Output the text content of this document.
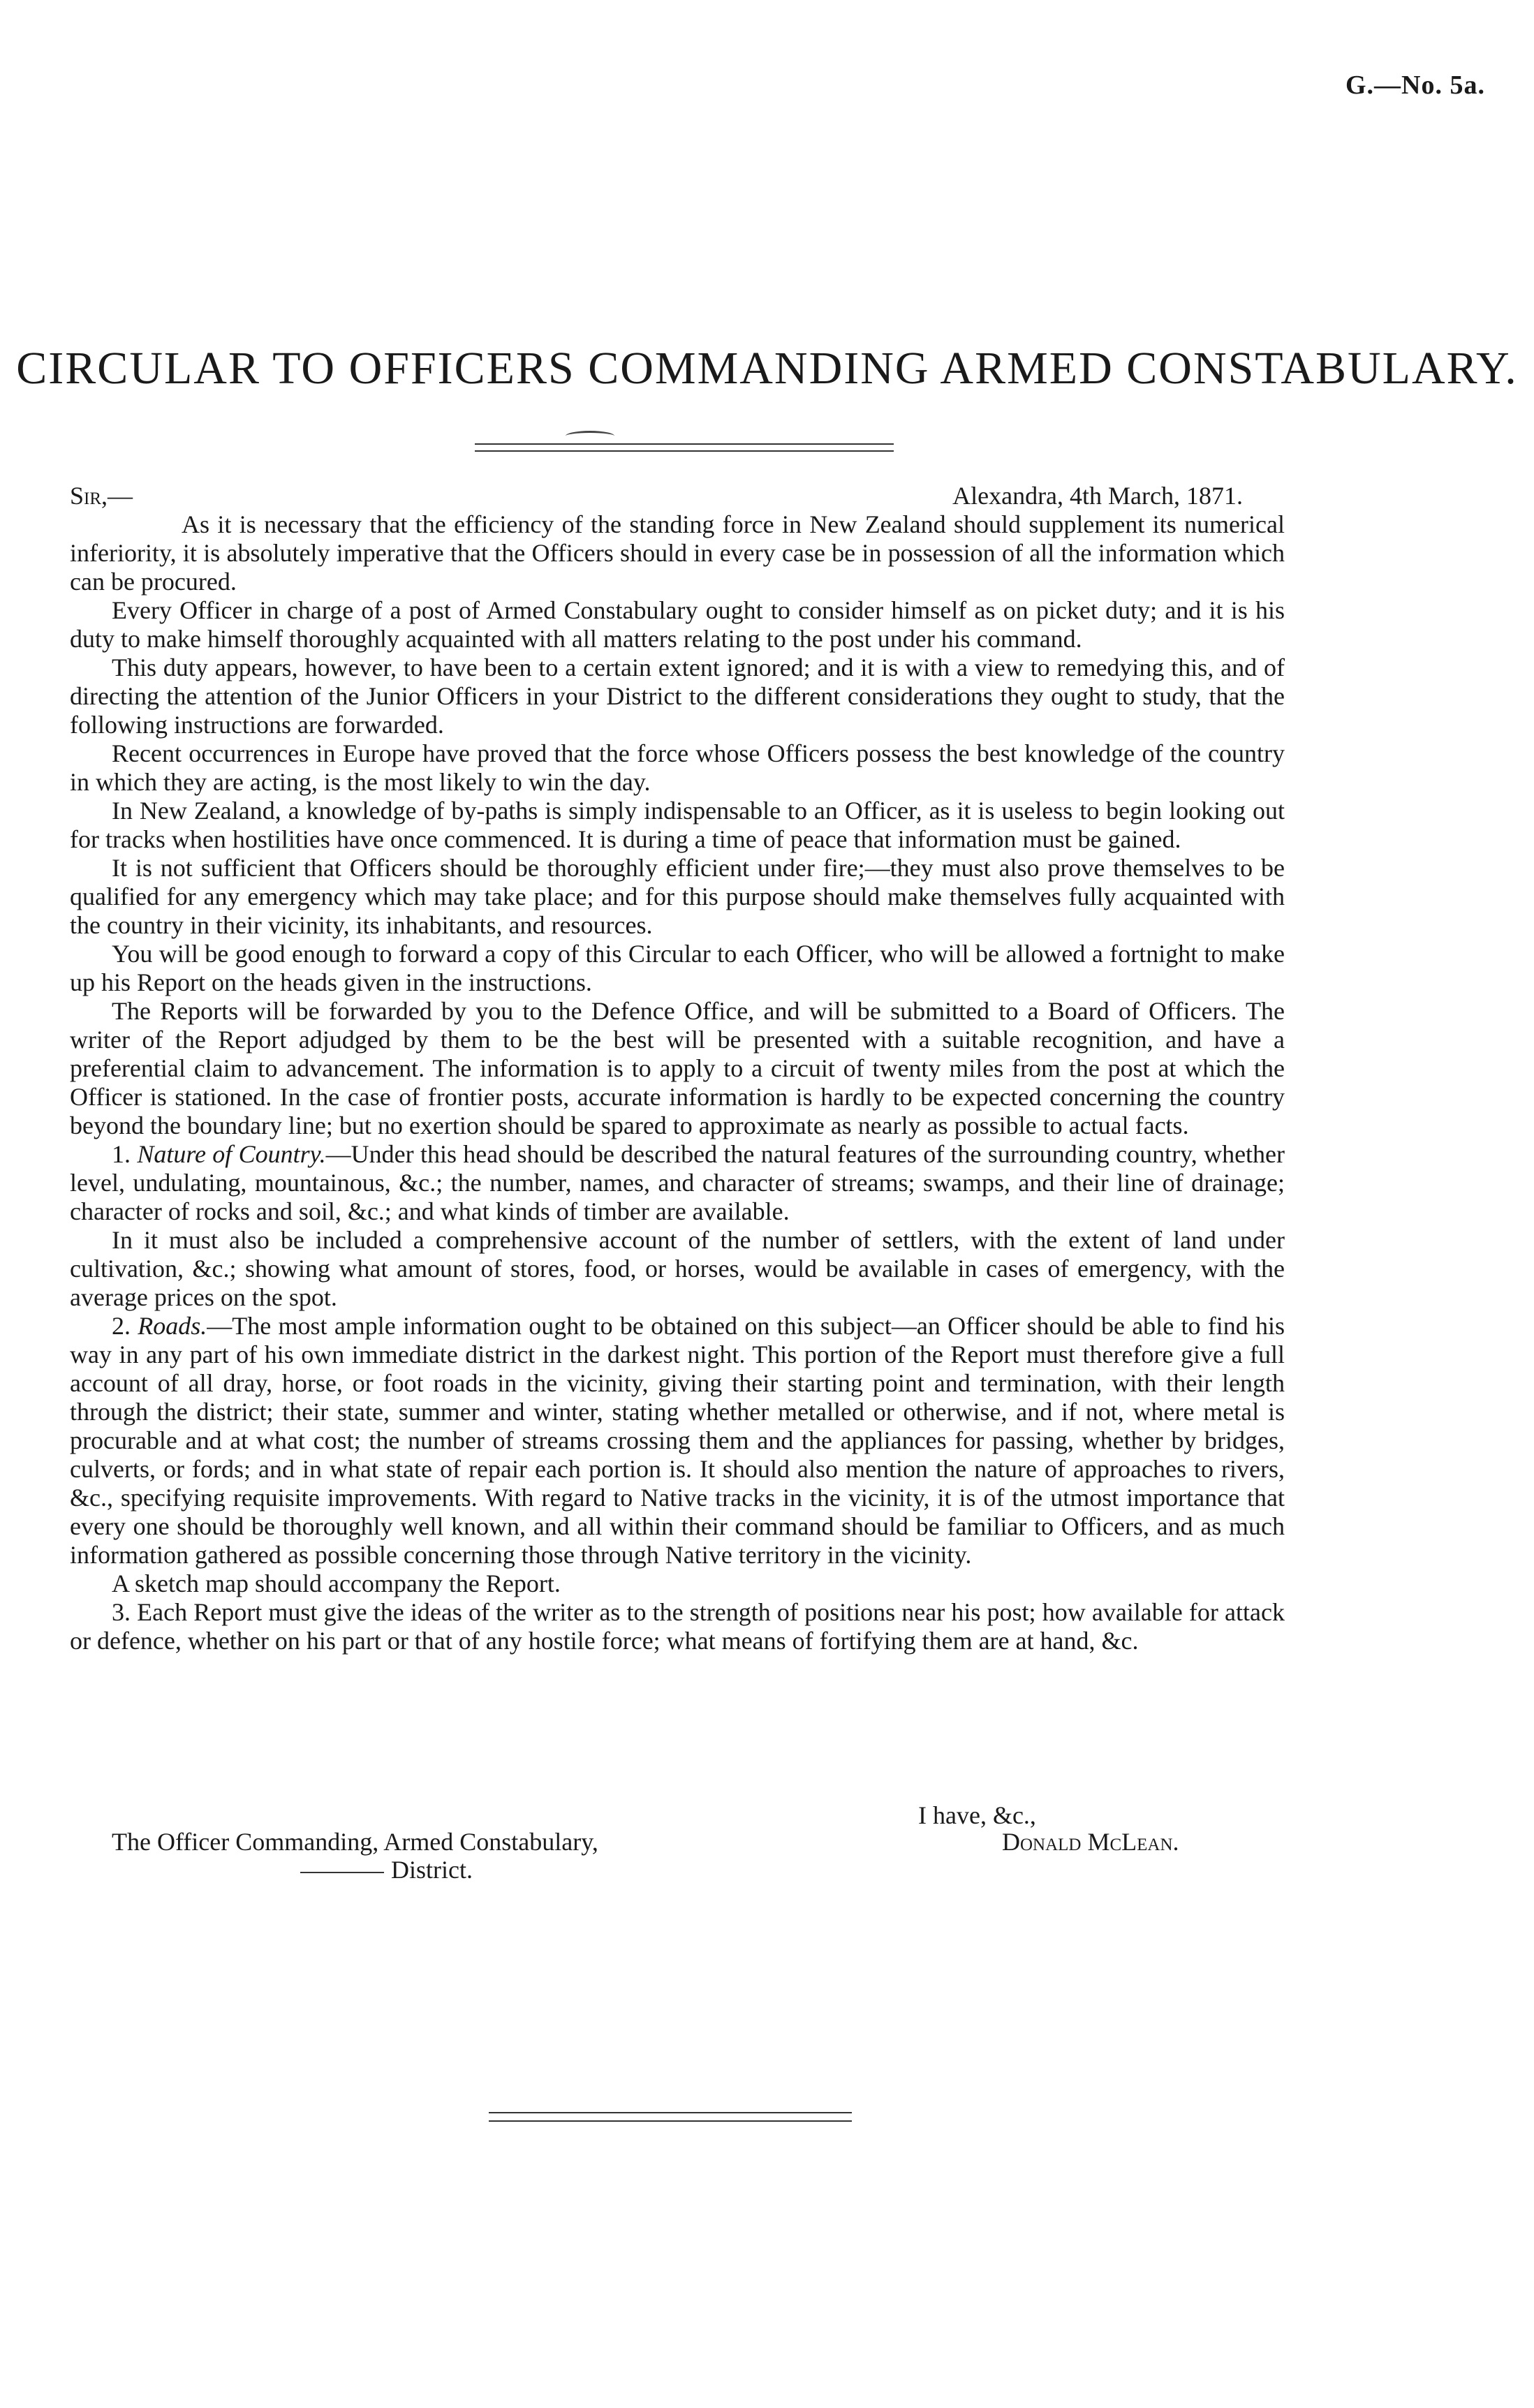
G.—No. 5a.
CIRCULAR TO OFFICERS COMMANDING ARMED CONSTABULARY.
Sir,—	Alexandra, 4th March, 1871.

As it is necessary that the efficiency of the standing force in New Zealand should supplement its numerical inferiority, it is absolutely imperative that the Officers should in every case be in possession of all the information which can be procured.

Every Officer in charge of a post of Armed Constabulary ought to consider himself as on picket duty; and it is his duty to make himself thoroughly acquainted with all matters relating to the post under his command.

This duty appears, however, to have been to a certain extent ignored; and it is with a view to remedying this, and of directing the attention of the Junior Officers in your District to the different considerations they ought to study, that the following instructions are forwarded.

Recent occurrences in Europe have proved that the force whose Officers possess the best knowledge of the country in which they are acting, is the most likely to win the day.

In New Zealand, a knowledge of by-paths is simply indispensable to an Officer, as it is useless to begin looking out for tracks when hostilities have once commenced. It is during a time of peace that information must be gained.

It is not sufficient that Officers should be thoroughly efficient under fire;—they must also prove themselves to be qualified for any emergency which may take place; and for this purpose should make themselves fully acquainted with the country in their vicinity, its inhabitants, and resources.

You will be good enough to forward a copy of this Circular to each Officer, who will be allowed a fortnight to make up his Report on the heads given in the instructions.

The Reports will be forwarded by you to the Defence Office, and will be submitted to a Board of Officers. The writer of the Report adjudged by them to be the best will be presented with a suitable recognition, and have a preferential claim to advancement. The information is to apply to a circuit of twenty miles from the post at which the Officer is stationed. In the case of frontier posts, accurate information is hardly to be expected concerning the country beyond the boundary line; but no exertion should be spared to approximate as nearly as possible to actual facts.

1. Nature of Country.—Under this head should be described the natural features of the surrounding country, whether level, undulating, mountainous, &c.; the number, names, and character of streams; swamps, and their line of drainage; character of rocks and soil, &c.; and what kinds of timber are available.

In it must also be included a comprehensive account of the number of settlers, with the extent of land under cultivation, &c.; showing what amount of stores, food, or horses, would be available in cases of emergency, with the average prices on the spot.

2. Roads.—The most ample information ought to be obtained on this subject—an Officer should be able to find his way in any part of his own immediate district in the darkest night. This portion of the Report must therefore give a full account of all dray, horse, or foot roads in the vicinity, giving their starting point and termination, with their length through the district; their state, summer and winter, stating whether metalled or otherwise, and if not, where metal is procurable and at what cost; the number of streams crossing them and the appliances for passing, whether by bridges, culverts, or fords; and in what state of repair each portion is. It should also mention the nature of approaches to rivers, &c., specifying requisite improvements. With regard to Native tracks in the vicinity, it is of the utmost importance that every one should be thoroughly well known, and all within their command should be familiar to Officers, and as much information gathered as possible concerning those through Native territory in the vicinity.

A sketch map should accompany the Report.

3. Each Report must give the ideas of the writer as to the strength of positions near his post; how available for attack or defence, whether on his part or that of any hostile force; what means of fortifying them are at hand, &c.

I have, &c.,
The Officer Commanding, Armed Constabulary,	Donald McLean.
District.
